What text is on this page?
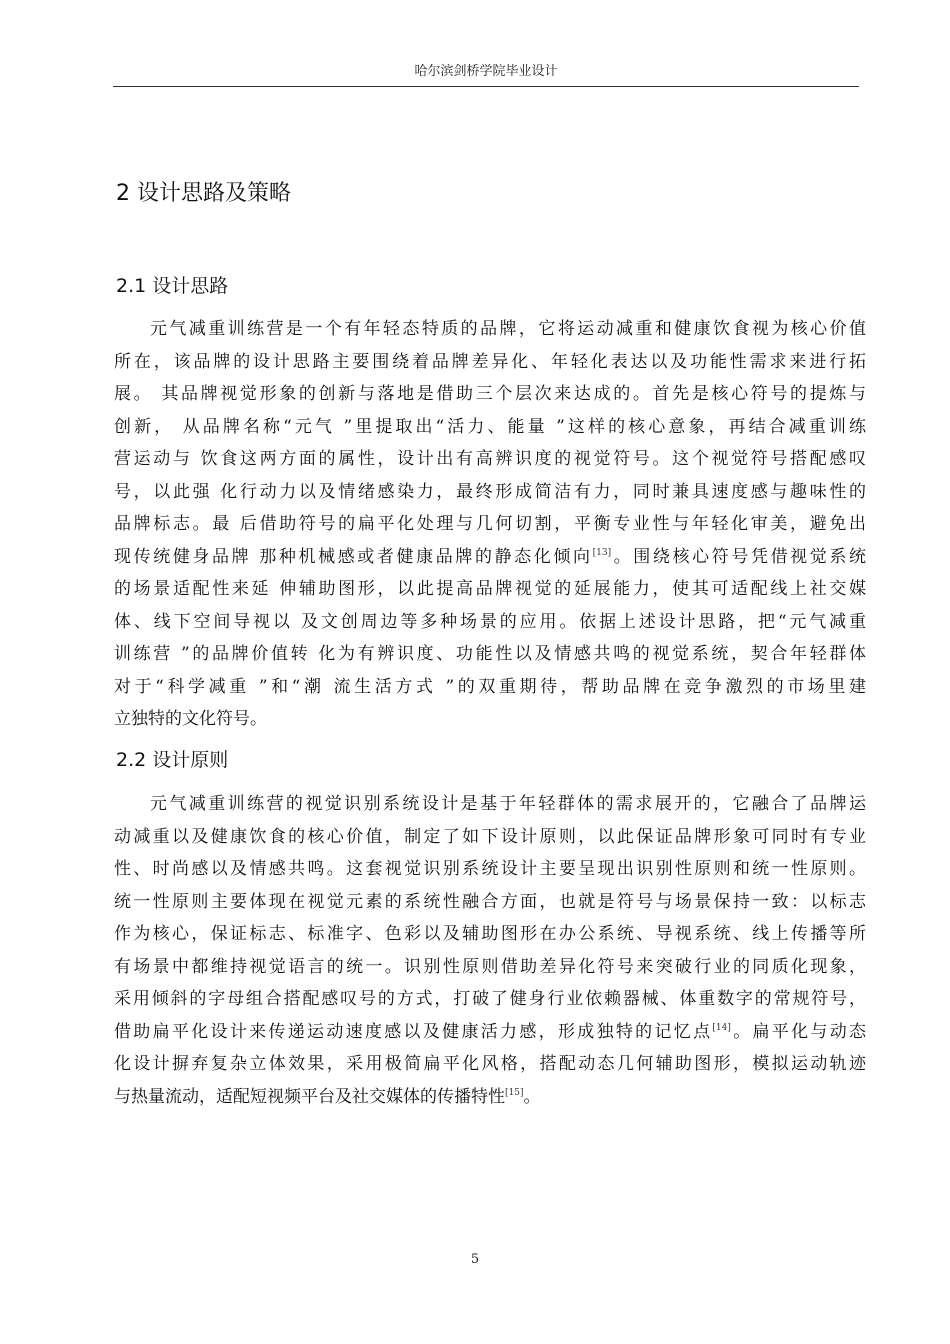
哈尔滨剑桥学院毕业设计
2 设计思路及策略
2.1 设计思路
元气减重训练营是一个有年轻态特质的品牌，它将运动减重和健康饮食视为核心价值
所在，该品牌的设计思路主要围绕着品牌差异化、年轻化表达以及功能性需求来进行拓
展。 其品牌视觉形象的创新与落地是借助三个层次来达成的。首先是核心符号的提炼与
创新， 从品牌名称“元气 ”里提取出“活力、能量 ”这样的核心意象，再结合减重训练
营运动与 饮食这两方面的属性，设计出有高辨识度的视觉符号。这个视觉符号搭配感叹
号，以此强 化行动力以及情绪感染力，最终形成简洁有力，同时兼具速度感与趣味性的
品牌标志。最 后借助符号的扁平化处理与几何切割，平衡专业性与年轻化审美，避免出
现传统健身品牌 那种机械感或者健康品牌的静态化倾向[13]。围绕核心符号凭借视觉系统
的场景适配性来延 伸辅助图形，以此提高品牌视觉的延展能力，使其可适配线上社交媒
体、线下空间导视以 及文创周边等多种场景的应用。依据上述设计思路，把“元气减重
训练营 ”的品牌价值转 化为有辨识度、功能性以及情感共鸣的视觉系统，契合年轻群体
对于“科学减重 ”和“潮 流生活方式 ”的双重期待，帮助品牌在竞争激烈的市场里建
立独特的文化符号。
2.2 设计原则
元气减重训练营的视觉识别系统设计是基于年轻群体的需求展开的，它融合了品牌运
动减重以及健康饮食的核心价值，制定了如下设计原则，以此保证品牌形象可同时有专业
性、时尚感以及情感共鸣。这套视觉识别系统设计主要呈现出识别性原则和统一性原则。
统一性原则主要体现在视觉元素的系统性融合方面，也就是符号与场景保持一致：以标志
作为核心，保证标志、标准字、色彩以及辅助图形在办公系统、导视系统、线上传播等所
有场景中都维持视觉语言的统一。识别性原则借助差异化符号来突破行业的同质化现象，
采用倾斜的字母组合搭配感叹号的方式，打破了健身行业依赖器械、体重数字的常规符号，
借助扁平化设计来传递运动速度感以及健康活力感，形成独特的记忆点[14]。扁平化与动态
化设计摒弃复杂立体效果，采用极简扁平化风格，搭配动态几何辅助图形，模拟运动轨迹
与热量流动，适配短视频平台及社交媒体的传播特性[15]。
5
